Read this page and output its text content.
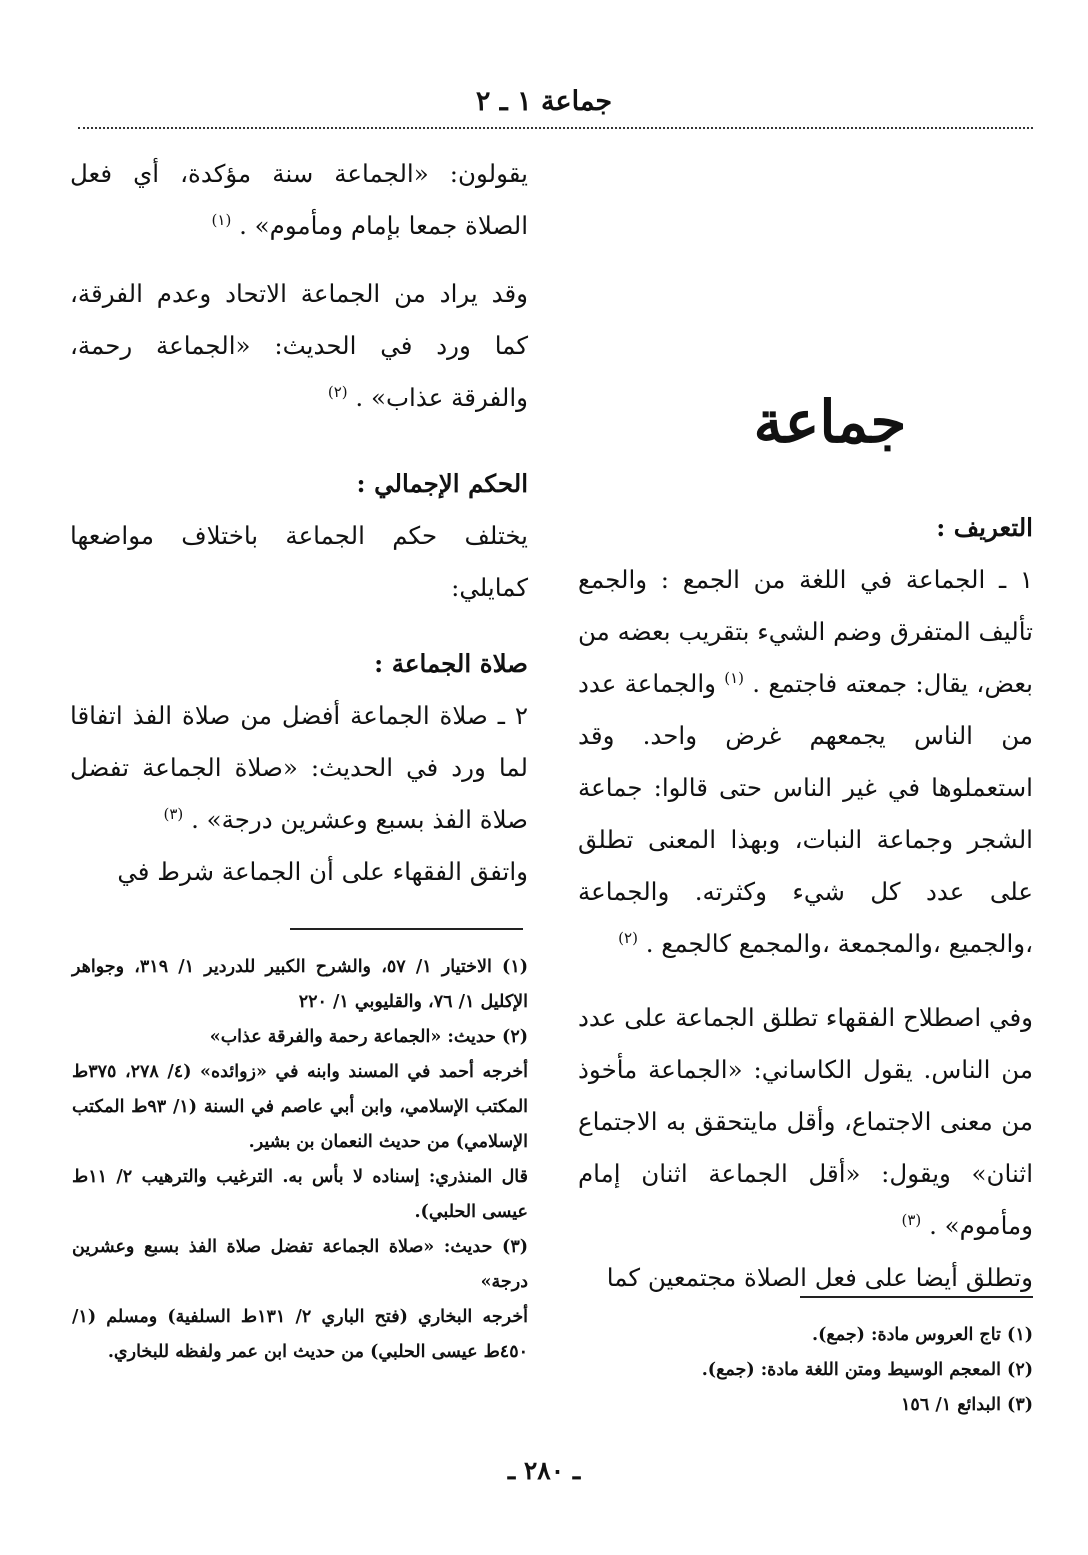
جماعة ١ ـ ٢

يقولون: «الجماعة سنة مؤكدة، أي فعل الصلاة جمعا بإمام ومأموم» . $^{(١)}$

وقد يراد من الجماعة الاتحاد وعدم الفرقة، كما ورد في الحديث: «الجماعة رحمة، والفرقة عذاب» . $^{(٢)}$

الحكم الإجمالي :

يختلف حكم الجماعة باختلاف مواضعها كمايلي:

صلاة الجماعة :

٢ ـ صلاة الجماعة أفضل من صلاة الفذ اتفاقا لما ورد في الحديث: «صلاة الجماعة تفضل صلاة الفذ بسبع وعشرين درجة» . $^{(٣)}$

واتفق الفقهاء على أن الجماعة شرط في

(١) الاختيار ١/ ٥٧، والشرح الكبير للدردير ١/ ٣١٩، وجواهر الإكليل ١/ ٧٦، والقليوبي ١/ ٢٢٠

(٢) حديث: «الجماعة رحمة والفرقة عذاب»

أخرجه أحمد في المسند وابنه في «زوائده» (٤/ ٢٧٨، ٣٧٥ط المكتب الإسلامي، وابن أبي عاصم في السنة (١/ ٩٣ط المكتب الإسلامي) من حديث النعمان بن بشير.

قال المنذري: إسناده لا بأس به. الترغيب والترهيب ٢/ ١١ط عيسى الحلبي).

(٣) حديث: «صلاة الجماعة تفضل صلاة الفذ بسبع وعشرين درجة»

أخرجه البخاري (فتح الباري ٢/ ١٣١ط السلفية) ومسلم (١/ ٤٥٠ط عيسى الحلبي) من حديث ابن عمر ولفظه للبخاري.

جماعة

التعريف :

١ ـ الجماعة في اللغة من الجمع : والجمع تأليف المتفرق وضم الشيء بتقريب بعضه من بعض، يقال: جمعته فاجتمع . $^{(١)}$ والجماعة عدد من الناس يجمعهم غرض واحد. وقد استعملوها في غير الناس حتى قالوا: جماعة الشجر وجماعة النبات، وبهذا المعنى تطلق على عدد كل شيء وكثرته. والجماعة ،والجميع ،والمجمعة ،والمجمع كالجمع . $^{(٢)}$

وفي اصطلاح الفقهاء تطلق الجماعة على عدد من الناس. يقول الكاساني: «الجماعة مأخوذ من معنى الاجتماع، وأقل مايتحقق به الاجتماع اثنان» ويقول: «أقل الجماعة اثنان إمام ومأموم» . $^{(٣)}$

وتطلق أيضا على فعل الصلاة مجتمعين كما

(١) تاج العروس مادة: (جمع).

(٢) المعجم الوسيط ومتن اللغة مادة: (جمع).

(٣) البدائع ١/ ١٥٦

ـ ٢٨٠ ـ
